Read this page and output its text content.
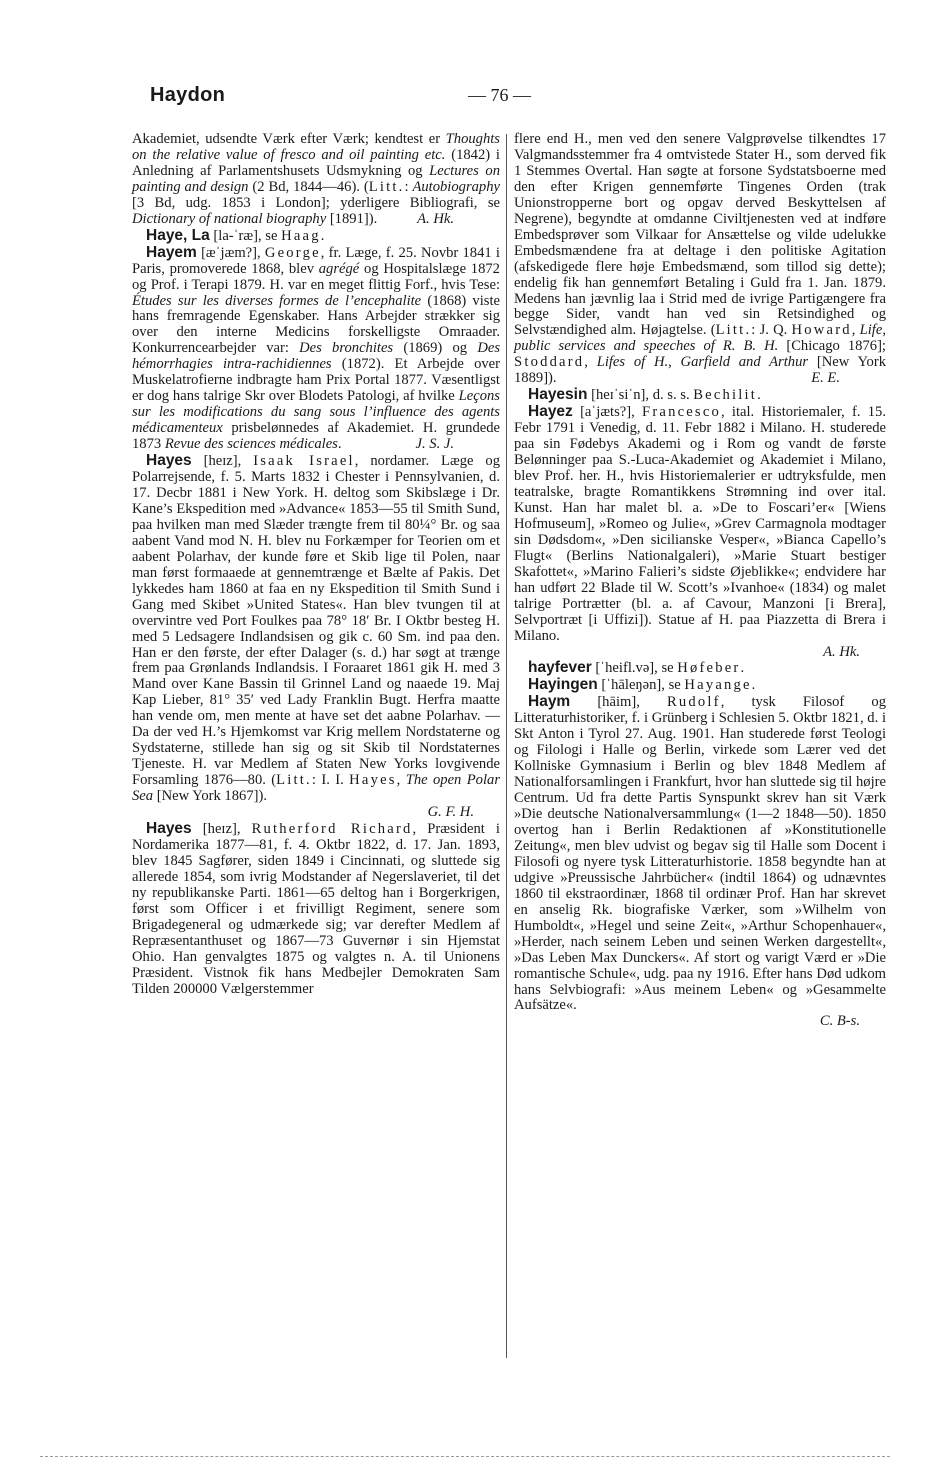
Haydon	— 76 —

Akademiet, udsendte Værk efter Værk; kendtest er Thoughts on the relative value of fresco and oil painting etc. (1842) i Anledning af Parlamentshusets Udsmykning og Lectures on painting and design (2 Bd, 1844—46). (Litt.: Autobiography [3 Bd, udg. 1853 i London]; yderligere Bibliografi, se Dictionary of national biography [1891]).	A. Hk.

Haye, La [la-ˈræ], se Haag.

Hayem [æˈjæm?], George, fr. Læge, f. 25. Novbr 1841 i Paris, promoverede 1868, blev agrégé og Hospitalslæge 1872 og Prof. i Terapi 1879. H. var en meget flittig Forf., hvis Tese: Études sur les diverses formes de l’encephalite (1868) viste hans fremragende Egenskaber. Hans Arbejder strækker sig over den interne Medicins forskelligste Omraader. Konkurrencearbejder var: Des bronchites (1869) og Des hémorrhagies intra-rachidiennes (1872). Et Arbejde over Muskelatrofierne indbragte ham Prix Portal 1877. Væsentligst er dog hans talrige Skr over Blodets Patologi, af hvilke Leçons sur les modifications du sang sous l’influence des agents médicamenteux prisbelønnedes af Akademiet. H. grundede 1873 Revue des sciences médicales.	J. S. J.

Hayes [heɪz], Isaak Israel, nordamer. Læge og Polarrejsende, f. 5. Marts 1832 i Chester i Pennsylvanien, d. 17. Decbr 1881 i New York. H. deltog som Skibslæge i Dr. Kane’s Ekspedition med »Advance« 1853—55 til Smith Sund, paa hvilken man med Slæder trængte frem til 80¼° Br. og saa aabent Vand mod N. H. blev nu Forkæmper for Teorien om et aabent Polarhav, der kunde føre et Skib lige til Polen, naar man først formaaede at gennemtrænge et Bælte af Pakis. Det lykkedes ham 1860 at faa en ny Ekspedition til Smith Sund i Gang med Skibet »United States«. Han blev tvungen til at overvintre ved Port Foulkes paa 78° 18′ Br. I Oktbr besteg H. med 5 Ledsagere Indlandsisen og gik c. 60 Sm. ind paa den. Han er den første, der efter Dalager (s. d.) har søgt at trænge frem paa Grønlands Indlandsis. I Foraaret 1861 gik H. med 3 Mand over Kane Bassin til Grinnel Land og naaede 19. Maj Kap Lieber, 81° 35′ ved Lady Franklin Bugt. Herfra maatte han vende om, men mente at have set det aabne Polarhav. — Da der ved H.’s Hjemkomst var Krig mellem Nordstaterne og Sydstaterne, stillede han sig og sit Skib til Nordstaternes Tjeneste. H. var Medlem af Staten New Yorks lovgivende Forsamling 1876—80. (Litt.: I. I. Hayes, The open Polar Sea [New York 1867]).
G. F. H.

Hayes [heɪz], Rutherford Richard, Præsident i Nordamerika 1877—81, f. 4. Oktbr 1822, d. 17. Jan. 1893, blev 1845 Sagfører, siden 1849 i Cincinnati, og sluttede sig allerede 1854, som ivrig Modstander af Negerslaveriet, til det ny republikanske Parti. 1861—65 deltog han i Borgerkrigen, først som Officer i et frivilligt Regiment, senere som Brigadegeneral og udmærkede sig; var derefter Medlem af Repræsentanthuset og 1867—73 Guvernør i sin Hjemstat Ohio. Han genvalgtes 1875 og valgtes n. A. til Unionens Præsident. Vistnok fik hans Medbejler Demokraten Sam Tilden 200000 Vælgerstemmer

flere end H., men ved den senere Valgprøvelse tilkendtes 17 Valgmandsstemmer fra 4 omtvistede Stater H., som derved fik 1 Stemmes Overtal. Han søgte at forsone Sydstatsboerne med den efter Krigen gennemførte Tingenes Orden (trak Unionstropperne bort og opgav derved Beskyttelsen af Negrene), begyndte at omdanne Civiltjenesten ved at indføre Embedsprøver som Vilkaar for Ansættelse og vilde udelukke Embedsmændene fra at deltage i den politiske Agitation (afskedigede flere høje Embedsmænd, som tillod sig dette); endelig fik han gennemført Betaling i Guld fra 1. Jan. 1879. Medens han jævnlig laa i Strid med de ivrige Partigængere fra begge Sider, vandt han ved sin Retsindighed og Selvstændighed alm. Højagtelse. (Litt.: J. Q. Howard, Life, public services and speeches of R. B. H. [Chicago 1876]; Stoddard, Lifes of H., Garfield and Arthur [New York 1889]).	E. E.

Hayesin [heɪˈsiˈn], d. s. s. Bechilit.

Hayez [aˈjæts?], Francesco, ital. Historiemaler, f. 15. Febr 1791 i Venedig, d. 11. Febr 1882 i Milano. H. studerede paa sin Fødebys Akademi og i Rom og vandt de første Belønninger paa S.-Luca-Akademiet og Akademiet i Milano, blev Prof. her. H., hvis Historiemalerier er udtryksfulde, men teatralske, bragte Romantikkens Strømning ind over ital. Kunst. Han har malet bl. a. »De to Foscari’er« [Wiens Hofmuseum], »Romeo og Julie«, »Grev Carmagnola modtager sin Dødsdom«, »Den sicilianske Vesper«, »Bianca Capello’s Flugt« (Berlins Nationalgaleri), »Marie Stuart bestiger Skafottet«, »Marino Falieri’s sidste Øjeblikke«; endvidere har han udført 22 Blade til W. Scott’s »Ivanhoe« (1834) og malet talrige Portrætter (bl. a. af Cavour, Manzoni [i Brera], Selvportræt [i Uffizi]). Statue af H. paa Piazzetta di Brera i Milano.
A. Hk.

hayfever [ˈheifl.və], se Høfeber.

Hayingen [ˈhāleŋən], se Hayange.

Haym [hāim], Rudolf, tysk Filosof og Litteraturhistoriker, f. i Grünberg i Schlesien 5. Oktbr 1821, d. i Skt Anton i Tyrol 27. Aug. 1901. Han studerede først Teologi og Filologi i Halle og Berlin, virkede som Lærer ved det Kollniske Gymnasium i Berlin og blev 1848 Medlem af Nationalforsamlingen i Frankfurt, hvor han sluttede sig til højre Centrum. Ud fra dette Partis Synspunkt skrev han sit Værk »Die deutsche Nationalversammlung« (1—2 1848—50). 1850 overtog han i Berlin Redaktionen af »Konstitutionelle Zeitung«, men blev udvist og begav sig til Halle som Docent i Filosofi og nyere tysk Litteraturhistorie. 1858 begyndte han at udgive »Preussische Jahrbücher« (indtil 1864) og udnævntes 1860 til ekstraordinær, 1868 til ordinær Prof. Han har skrevet en anselig Rk. biografiske Værker, som »Wilhelm von Humboldt«, »Hegel und seine Zeit«, »Arthur Schopenhauer«, »Herder, nach seinem Leben und seinen Werken dargestellt«, »Das Leben Max Dunckers«. Af stort og varigt Værd er »Die romantische Schule«, udg. paa ny 1916. Efter hans Død udkom hans Selvbiografi: »Aus meinem Leben« og »Gesammelte Aufsätze«.
C. B-s.
